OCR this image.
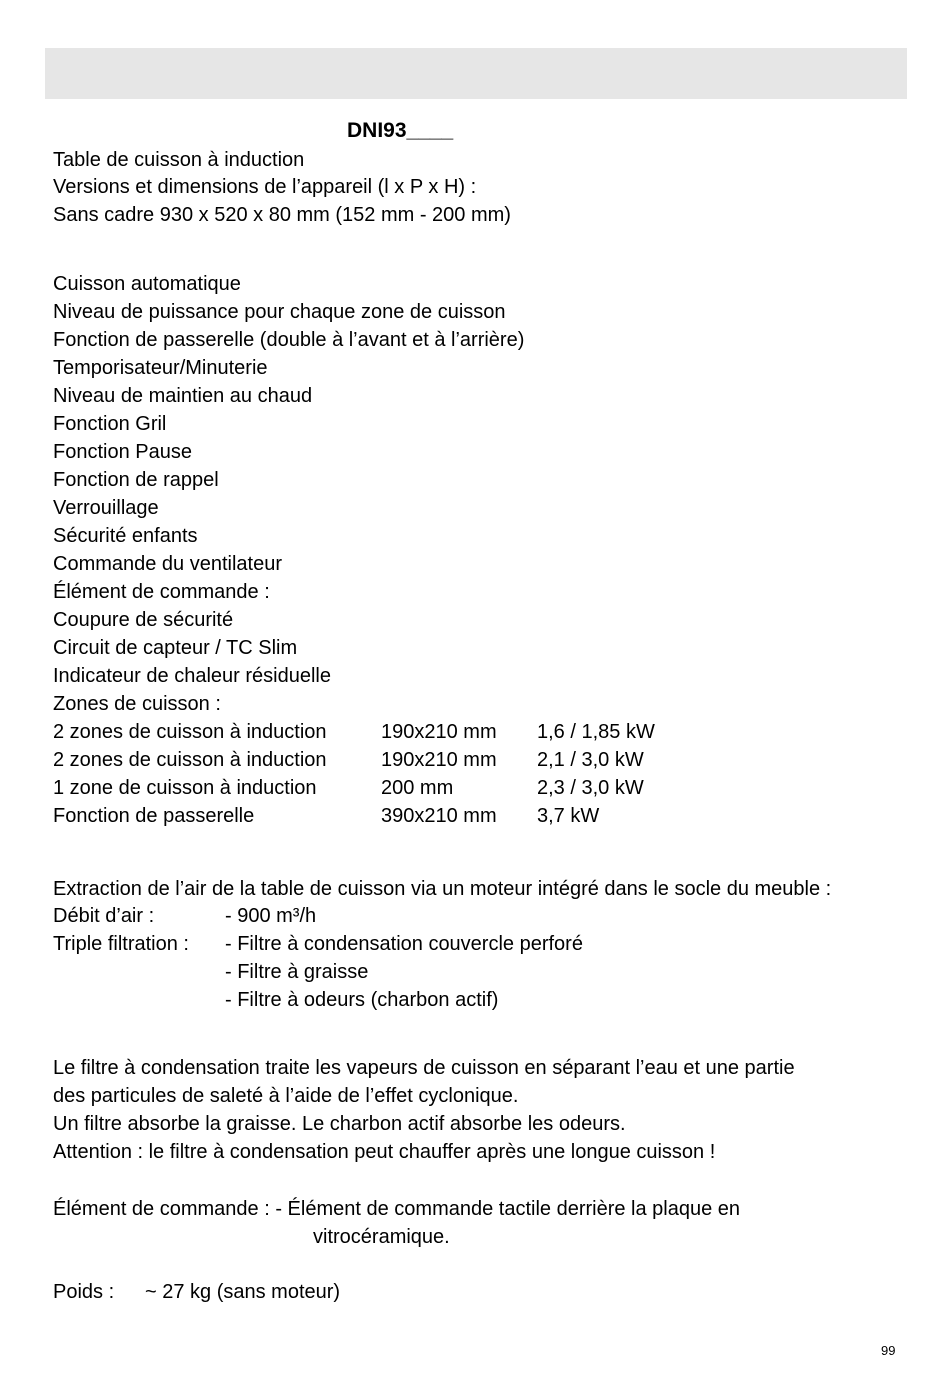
DNI93____
Table de cuisson à induction
Versions et dimensions de l’appareil (l x P x H) :
Sans cadre 930 x 520 x 80 mm (152 mm - 200 mm)
Cuisson automatique
Niveau de puissance pour chaque zone de cuisson
Fonction de passerelle (double à l’avant et à l’arrière)
Temporisateur/Minuterie
Niveau de maintien au chaud
Fonction Gril
Fonction Pause
Fonction de rappel
Verrouillage
Sécurité enfants
Commande du ventilateur
Élément de commande :
Coupure de sécurité
Circuit de capteur / TC Slim
Indicateur de chaleur résiduelle
Zones de cuisson :
2 zones de cuisson à induction	190x210 mm 1,6 / 1,85 kW
2 zones de cuisson à induction	190x210 mm 2,1 / 3,0 kW
1 zone de cuisson à induction	200 mm	2,3 / 3,0 kW
Fonction de passerelle	390x210 mm 3,7 kW
Extraction de l’air de la table de cuisson via un moteur intégré dans le socle du meuble :
Débit d’air :	- 900 m³/h
Triple filtration : - Filtre à condensation couvercle perforé
- Filtre à graisse
- Filtre à odeurs (charbon actif)
Le filtre à condensation traite les vapeurs de cuisson en séparant l’eau et une partie
des particules de saleté à l’aide de l’effet cyclonique.
Un filtre absorbe la graisse. Le charbon actif absorbe les odeurs.
Attention : le filtre à condensation peut chauffer après une longue cuisson !
Élément de commande : - Élément de commande tactile derrière la plaque en
vitrocéramique.
Poids : ~ 27 kg (sans moteur)
99
